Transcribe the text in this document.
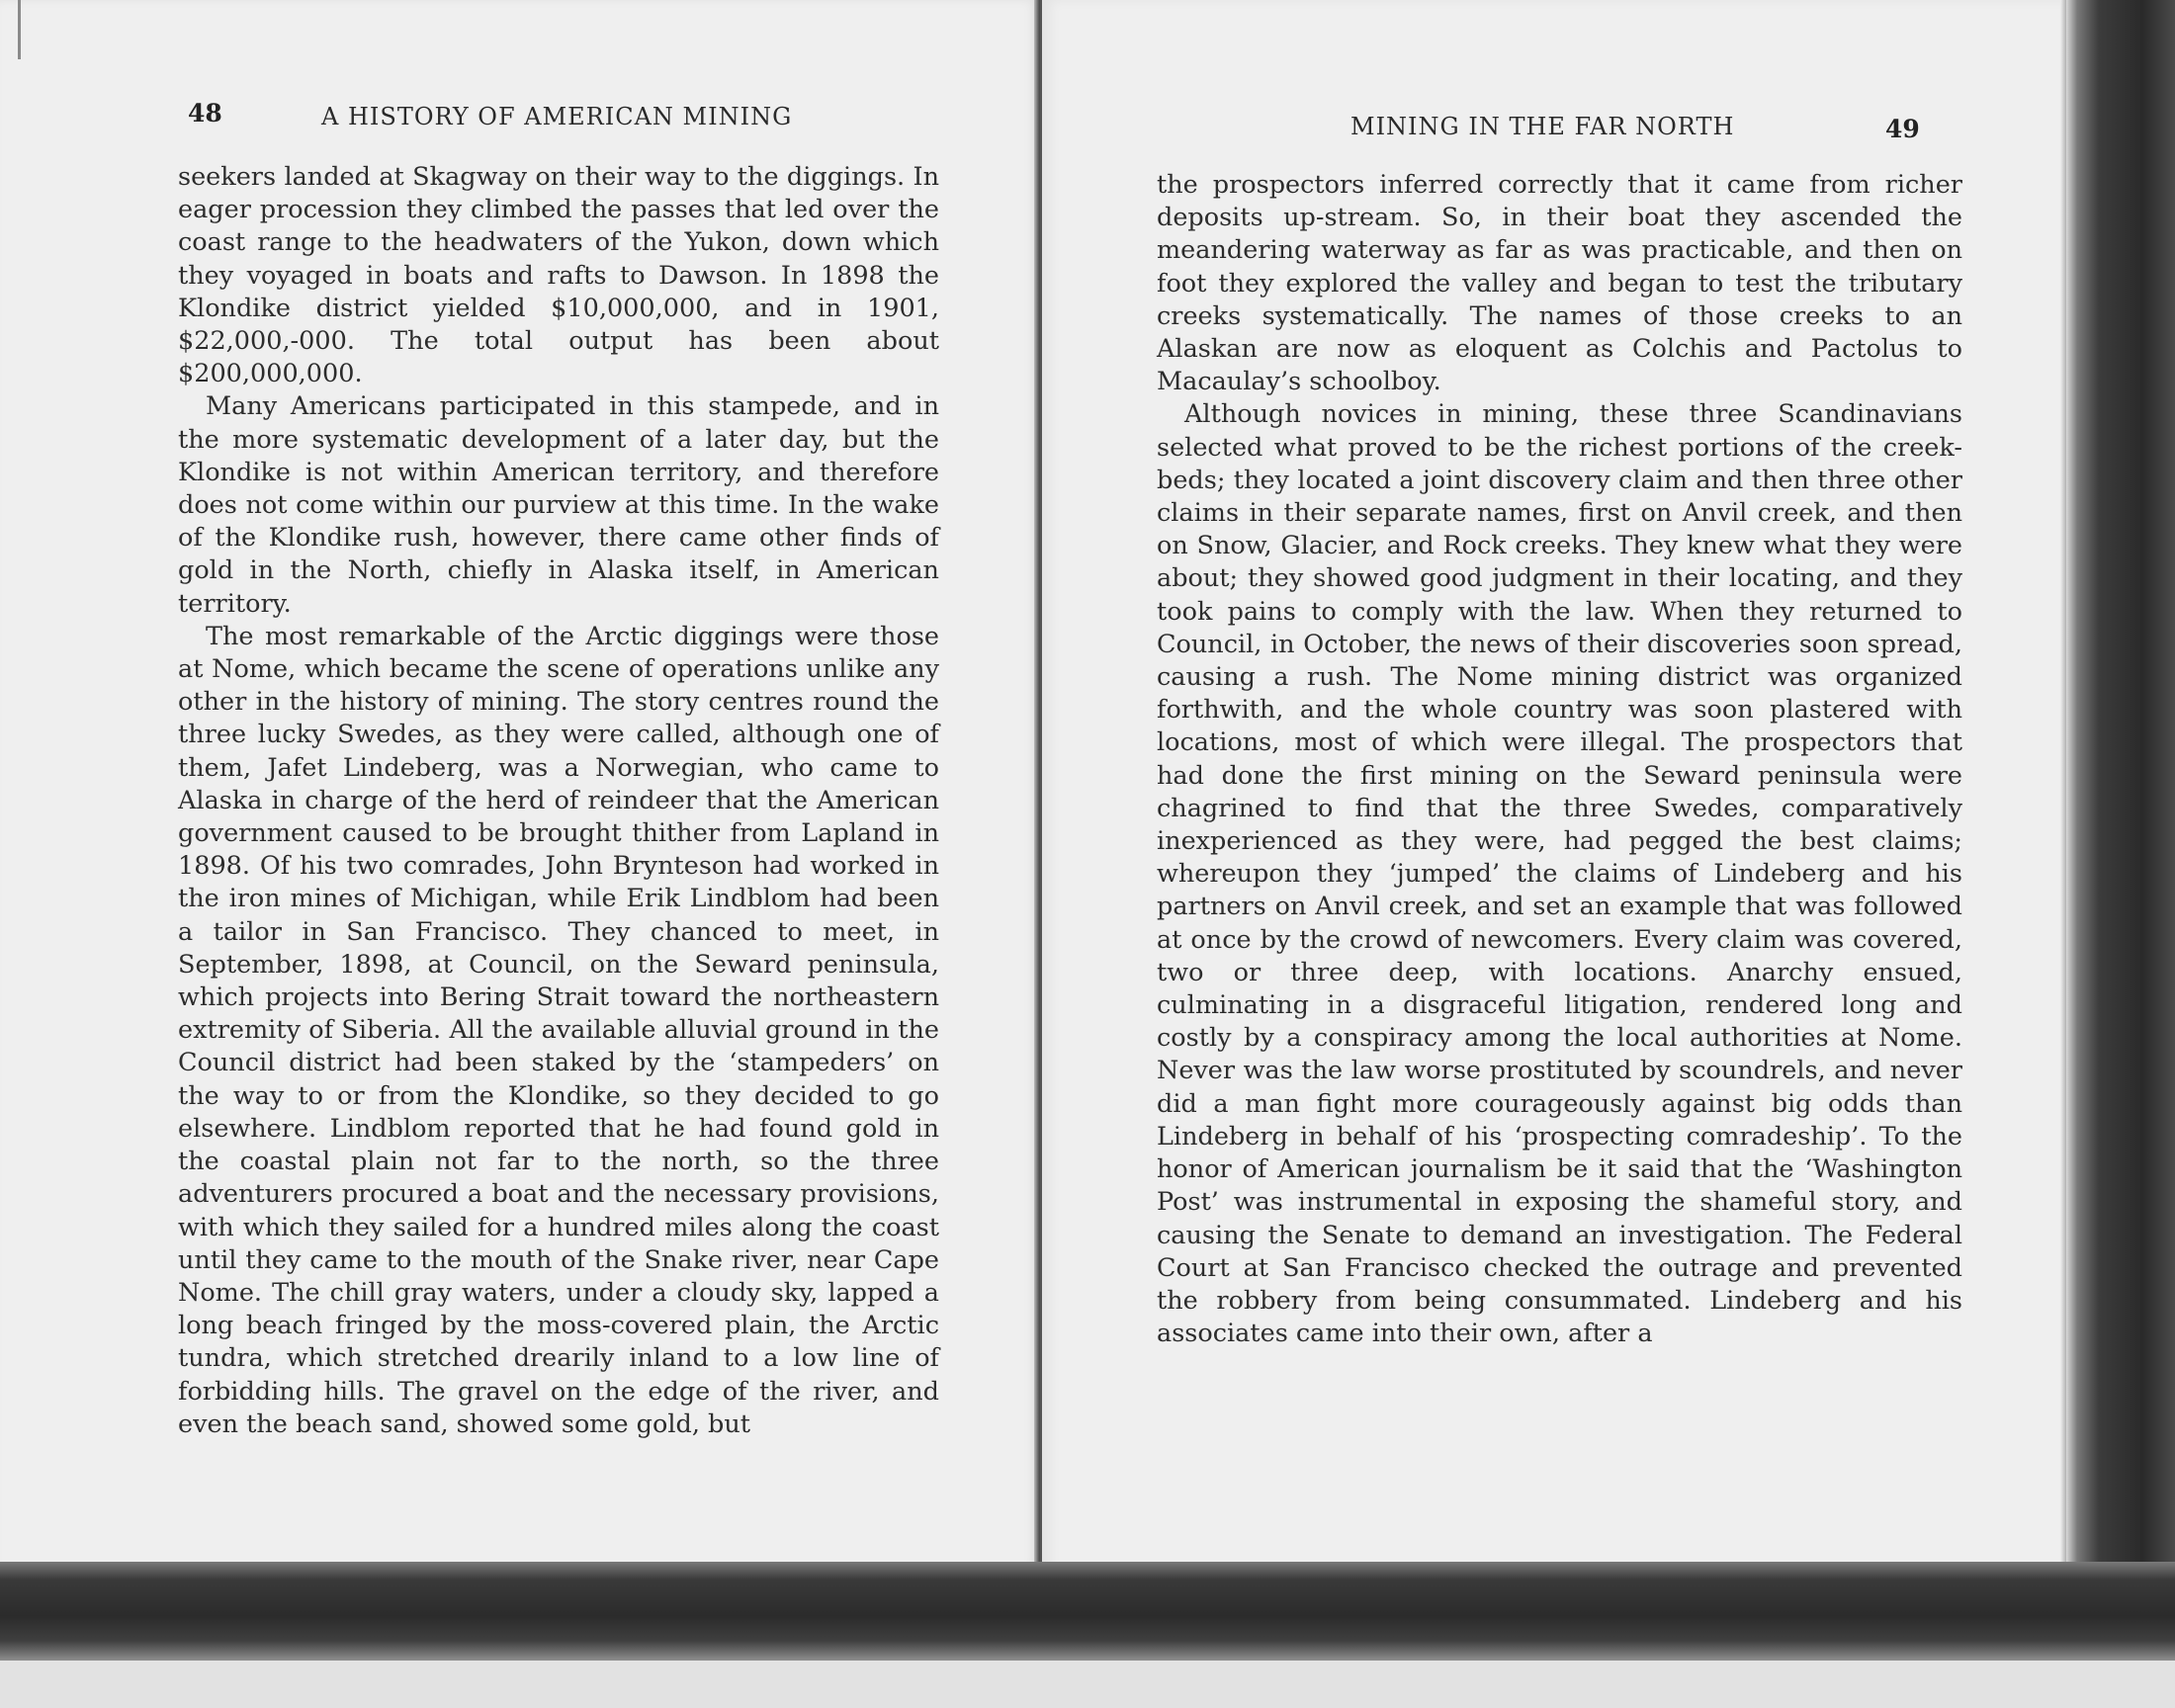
48	A HISTORY OF AMERICAN MINING

seekers landed at Skagway on their way to the diggings. In eager procession they climbed the passes that led over the coast range to the headwaters of the Yukon, down which they voyaged in boats and rafts to Dawson. In 1898 the Klondike district yielded $10,000,000, and in 1901, $22,000,-000. The total output has been about $200,000,000.

Many Americans participated in this stampede, and in the more systematic development of a later day, but the Klondike is not within American territory, and therefore does not come within our purview at this time. In the wake of the Klondike rush, however, there came other finds of gold in the North, chiefly in Alaska itself, in American territory.

The most remarkable of the Arctic diggings were those at Nome, which became the scene of operations unlike any other in the history of mining. The story centres round the three lucky Swedes, as they were called, although one of them, Jafet Lindeberg, was a Norwegian, who came to Alaska in charge of the herd of reindeer that the American government caused to be brought thither from Lapland in 1898. Of his two comrades, John Brynteson had worked in the iron mines of Michigan, while Erik Lindblom had been a tailor in San Francisco. They chanced to meet, in September, 1898, at Council, on the Seward peninsula, which projects into Bering Strait toward the northeastern extremity of Siberia. All the available alluvial ground in the Council district had been staked by the ‘stampeders’ on the way to or from the Klondike, so they decided to go elsewhere. Lindblom reported that he had found gold in the coastal plain not far to the north, so the three adventurers procured a boat and the necessary provisions, with which they sailed for a hundred miles along the coast until they came to the mouth of the Snake river, near Cape Nome. The chill gray waters, under a cloudy sky, lapped a long beach fringed by the moss-covered plain, the Arctic tundra, which stretched drearily inland to a low line of forbidding hills. The gravel on the edge of the river, and even the beach sand, showed some gold, but

MINING IN THE FAR NORTH	49

the prospectors inferred correctly that it came from richer deposits up-stream. So, in their boat they ascended the meandering waterway as far as was practicable, and then on foot they explored the valley and began to test the tributary creeks systematically. The names of those creeks to an Alaskan are now as eloquent as Colchis and Pactolus to Macaulay’s schoolboy.

Although novices in mining, these three Scandinavians selected what proved to be the richest portions of the creek-beds; they located a joint discovery claim and then three other claims in their separate names, first on Anvil creek, and then on Snow, Glacier, and Rock creeks. They knew what they were about; they showed good judgment in their locating, and they took pains to comply with the law. When they returned to Council, in October, the news of their discoveries soon spread, causing a rush. The Nome mining district was organized forthwith, and the whole country was soon plastered with locations, most of which were illegal. The prospectors that had done the first mining on the Seward peninsula were chagrined to find that the three Swedes, comparatively inexperienced as they were, had pegged the best claims; whereupon they ‘jumped’ the claims of Lindeberg and his partners on Anvil creek, and set an example that was followed at once by the crowd of newcomers. Every claim was covered, two or three deep, with locations. Anarchy ensued, culminating in a disgraceful litigation, rendered long and costly by a conspiracy among the local authorities at Nome. Never was the law worse prostituted by scoundrels, and never did a man fight more courageously against big odds than Lindeberg in behalf of his ‘prospecting comradeship’. To the honor of American journalism be it said that the ‘Washington Post’ was instrumental in exposing the shameful story, and causing the Senate to demand an investigation. The Federal Court at San Francisco checked the outrage and prevented the robbery from being consummated. Lindeberg and his associates came into their own, after a
